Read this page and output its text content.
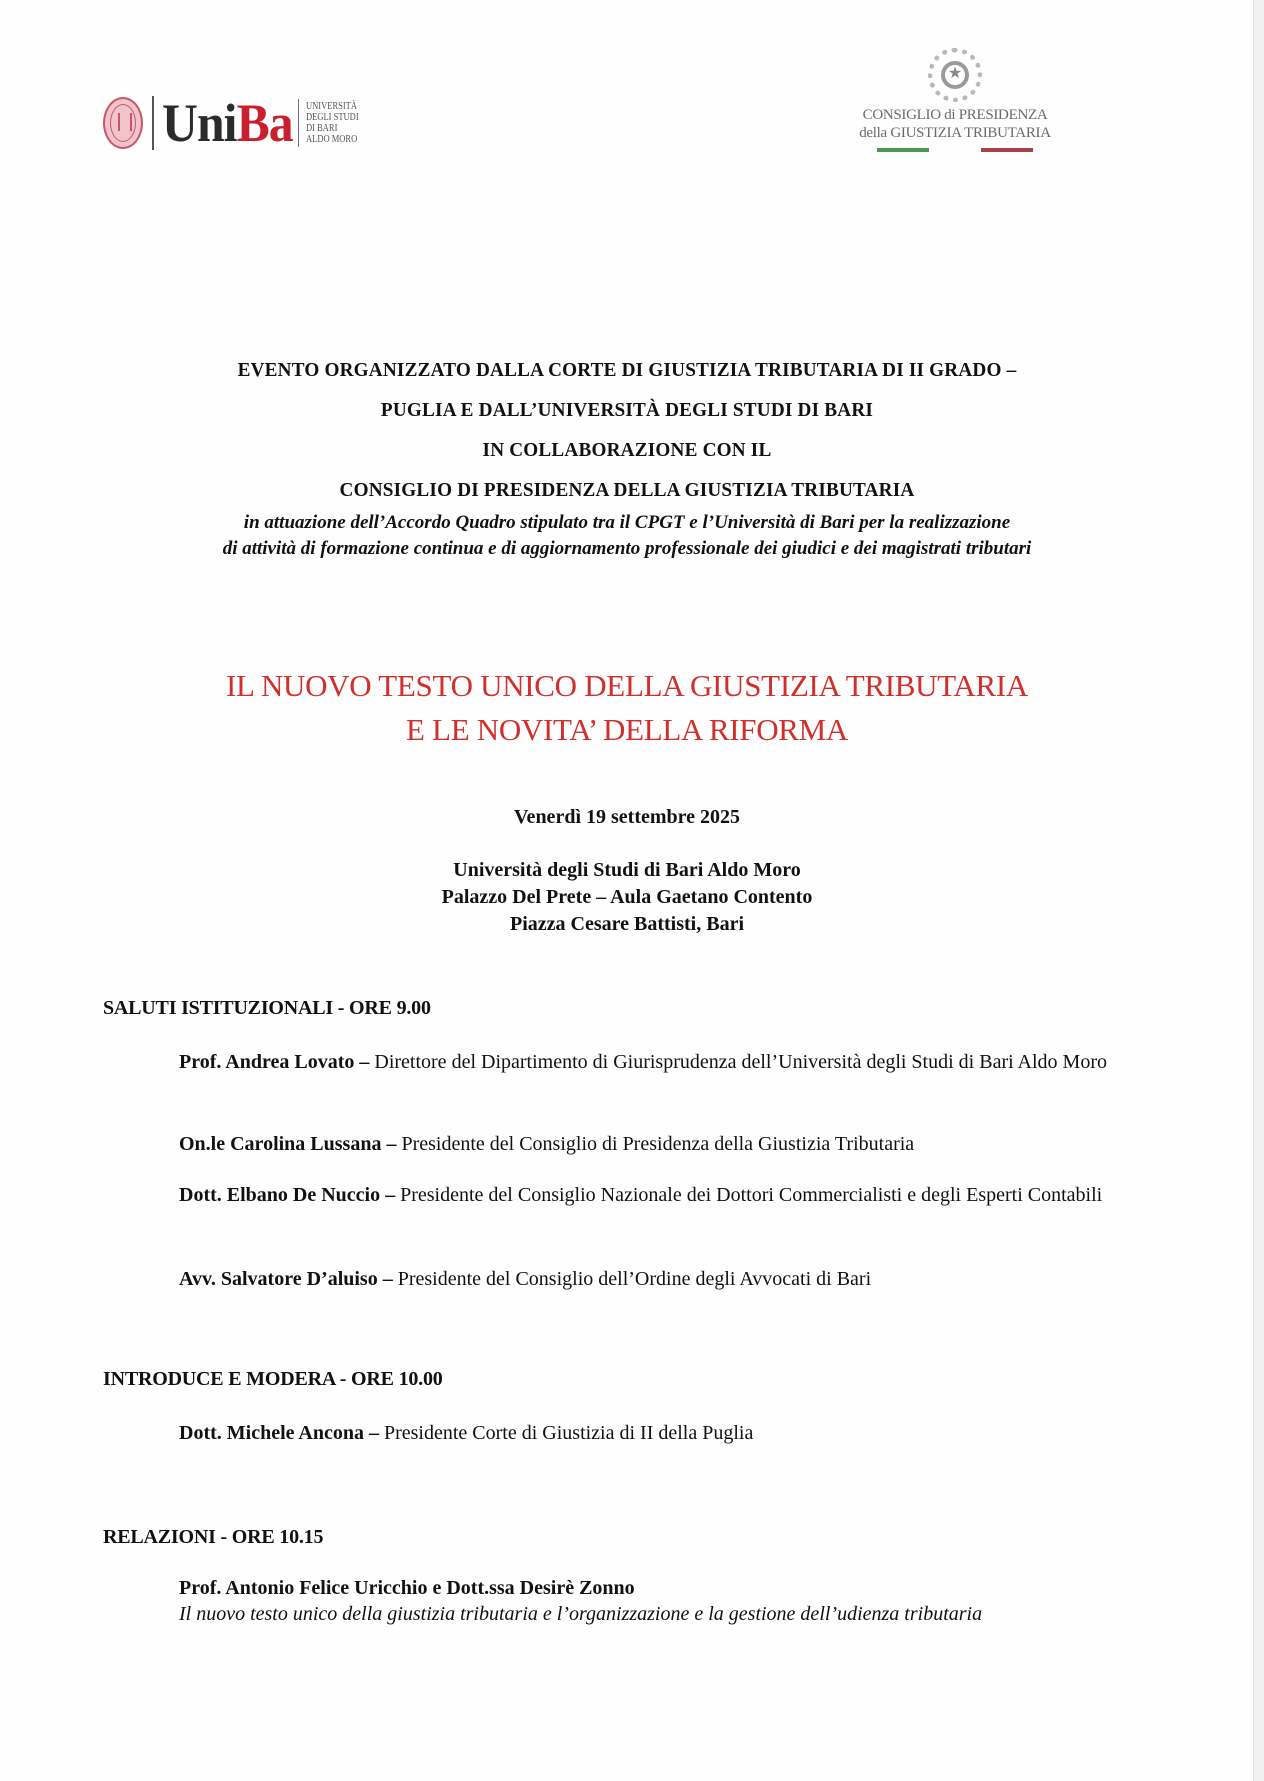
UniBa UNIVERSITÀ
DEGLI STUDI
DI BARI
ALDO MORO
★
CONSIGLIO di PRESIDENZA
della GIUSTIZIA TRIBUTARIA
EVENTO ORGANIZZATO DALLA CORTE DI GIUSTIZIA TRIBUTARIA DI II GRADO –
PUGLIA E DALL’UNIVERSITÀ DEGLI STUDI DI BARI
IN COLLABORAZIONE CON IL
CONSIGLIO DI PRESIDENZA DELLA GIUSTIZIA TRIBUTARIA
in attuazione dell’Accordo Quadro stipulato tra il CPGT e l’Università di Bari per la realizzazione
di attività di formazione continua e di aggiornamento professionale dei giudici e dei magistrati tributari
IL NUOVO TESTO UNICO DELLA GIUSTIZIA TRIBUTARIA
E LE NOVITA’ DELLA RIFORMA
Venerdì 19 settembre 2025
Università degli Studi di Bari Aldo Moro
Palazzo Del Prete – Aula Gaetano Contento
Piazza Cesare Battisti, Bari
SALUTI ISTITUZIONALI - ORE 9.00
Prof. Andrea Lovato – Direttore del Dipartimento di Giurisprudenza dell’Università degli Studi di Bari Aldo Moro
On.le Carolina Lussana – Presidente del Consiglio di Presidenza della Giustizia Tributaria
Dott. Elbano De Nuccio – Presidente del Consiglio Nazionale dei Dottori Commercialisti e degli Esperti Contabili
Avv. Salvatore D’aluiso – Presidente del Consiglio dell’Ordine degli Avvocati di Bari
INTRODUCE E MODERA - ORE 10.00
Dott. Michele Ancona – Presidente Corte di Giustizia di II della Puglia
RELAZIONI - ORE 10.15
Prof. Antonio Felice Uricchio e Dott.ssa Desirè Zonno
Il nuovo testo unico della giustizia tributaria e l’organizzazione e la gestione dell’udienza tributaria
